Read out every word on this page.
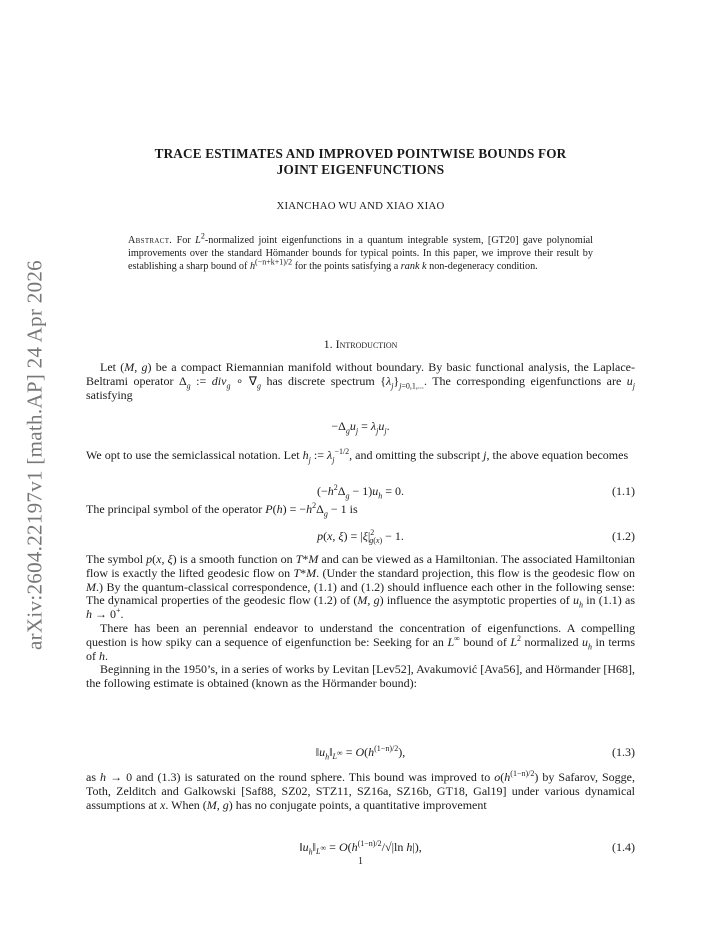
arXiv:2604.22197v1 [math.AP] 24 Apr 2026
TRACE ESTIMATES AND IMPROVED POINTWISE BOUNDS FOR
JOINT EIGENFUNCTIONS
XIANCHAO WU AND XIAO XIAO
Abstract. For $L^2$-normalized joint eigenfunctions in a quantum integrable system, [GT20] gave polynomial improvements over the standard Hömander bounds for typical points. In this paper, we improve their result by establishing a sharp bound of $h^{(-n+k+1)/2}$ for the points satisfying a rank k non-degeneracy condition.
1. Introduction

Let (M, g) be a compact Riemannian manifold without boundary. By basic functional analysis, the Laplace-Beltrami operator $\Delta_g$ := div$_g$ ∘ $\nabla_g$ has discrete spectrum $\{\lambda_j\}_{j=0,1,...}$. The corresponding eigenfunctions are $u_j$ satisfying

$-\Delta_gu_j = \lambda_ju_j$.

We opt to use the semiclassical notation. Let $h_j$ := $\lambda_j^{-1/2}$, and omitting the subscript j, the above equation becomes

$(-h^2\Delta_g - 1)u_h = 0$.	(1.1)

The principal symbol of the operator $P(h) = -h^2\Delta_g - 1$ is

p(x, $\xi) = |\xi|^2_{g(x)} - 1$.	(1.2)

The symbol p(x, ξ) is a smooth function on T*M and can be viewed as a Hamiltonian. The associated Hamiltonian flow is exactly the lifted geodesic flow on T*M. (Under the standard projection, this flow is the geodesic flow on M.) By the quantum-classical correspondence, (1.1) and (1.2) should influence each other in the following sense: The dynamical properties of the geodesic flow (1.2) of (M, g) influence the asymptotic properties of $u_h$ in (1.1) as h → 0+.

There has been an perennial endeavor to understand the concentration of eigenfunctions. A compelling question is how spiky can a sequence of eigenfunction be: Seeking for an L∞ bound of $L^2$ normalized $u_h$ in terms of h.

Beginning in the 1950’s, in a series of works by Levitan [Lev52], Avakumović [Ava56], and Hörmander [H6̈8], the following estimate is obtained (known as the Hörmander bound):

$‖u_h‖_{L^\infty} = O(h^{(1-n)/2})$,	(1.3)

as h → 0 and (1.3) is saturated on the round sphere. This bound was improved to $o(h^{(1-n)/2})$ by Safarov, Sogge, Toth, Zelditch and Galkowski [Saf88, SZ02, STZ11, SZ16a, SZ16b, GT18, Gal19] under various dynamical assumptions at x. When (M, g) has no conjugate points, a quantitative improvement

$‖u_h‖_{L^\infty} = O(h^{(1-n)/2}/√|\ln$ h|),	(1.4)
1
